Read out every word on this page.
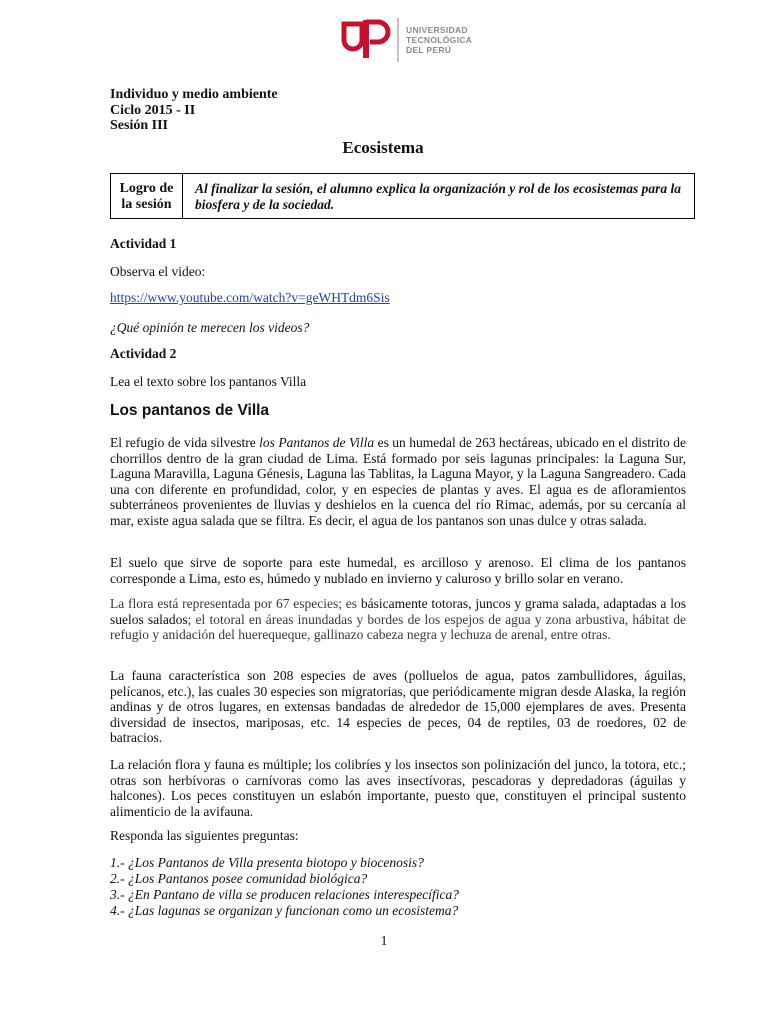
UNIVERSIDAD
TECNOLÓGICA
DEL PERÚ
Individuo y medio ambiente
Ciclo 2015 - II
Sesión III
Ecosistema
Logro de
la sesión
Al finalizar la sesión, el alumno explica la organización y rol de los ecosistemas para la biosfera y de la sociedad.
Actividad 1
Observa el video:
https://www.youtube.com/watch?v=geWHTdm6Sis
¿Qué opinión te merecen los videos?
Actividad 2
Lea el texto sobre los pantanos Villa
Los pantanos de Villa
El refugio de vida silvestre los Pantanos de Villa es un humedal de 263 hectáreas, ubicado en el distrito de chorrillos dentro de la gran ciudad de Lima. Está formado por seis lagunas principales: la Laguna Sur, Laguna Maravilla, Laguna Génesis, Laguna las Tablitas, la Laguna Mayor, y la Laguna Sangreadero. Cada una con diferente en profundidad, color, y en especies de plantas y aves. El agua es de afloramientos subterráneos provenientes de lluvias y deshielos en la cuenca del río Rimac, además, por su cercanía al mar, existe agua salada que se filtra. Es decir, el agua de los pantanos son unas dulce y otras salada.
El suelo que sirve de soporte para este humedal, es arcilloso y arenoso. El clima de los pantanos corresponde a Lima, esto es, húmedo y nublado en invierno y caluroso y brillo solar en verano.
La flora está representada por 67 especies; es básicamente totoras, juncos y grama salada, adaptadas a los suelos salados; el totoral en áreas inundadas y bordes de los espejos de agua y zona arbustiva, hábitat de refugio y anidación del huerequeque, gallinazo cabeza negra y lechuza de arenal, entre otras.
La fauna característica son 208 especies de aves (polluelos de agua, patos zambullidores, águilas, pelícanos, etc.), las cuales 30 especies son migratorias, que periódicamente migran desde Alaska, la región andinas y de otros lugares, en extensas bandadas de alrededor de 15,000 ejemplares de aves. Presenta diversidad de insectos, mariposas, etc. 14 especies de peces, 04 de reptiles, 03 de roedores, 02 de batracios.
La relación flora y fauna es múltiple; los colibríes y los insectos son polinización del junco, la totora, etc.; otras son herbívoras o carnívoras como las aves insectívoras, pescadoras y depredadoras (águilas y halcones). Los peces constituyen un eslabón importante, puesto que, constituyen el principal sustento alimenticio de la avifauna.
Responda las siguientes preguntas:
1.- ¿Los Pantanos de Villa presenta biotopo y biocenosis?
2.- ¿Los Pantanos posee comunidad biológica?
3.- ¿En Pantano de villa se producen relaciones interespecífica?
4.- ¿Las lagunas se organizan y funcionan como un ecosistema?
1
